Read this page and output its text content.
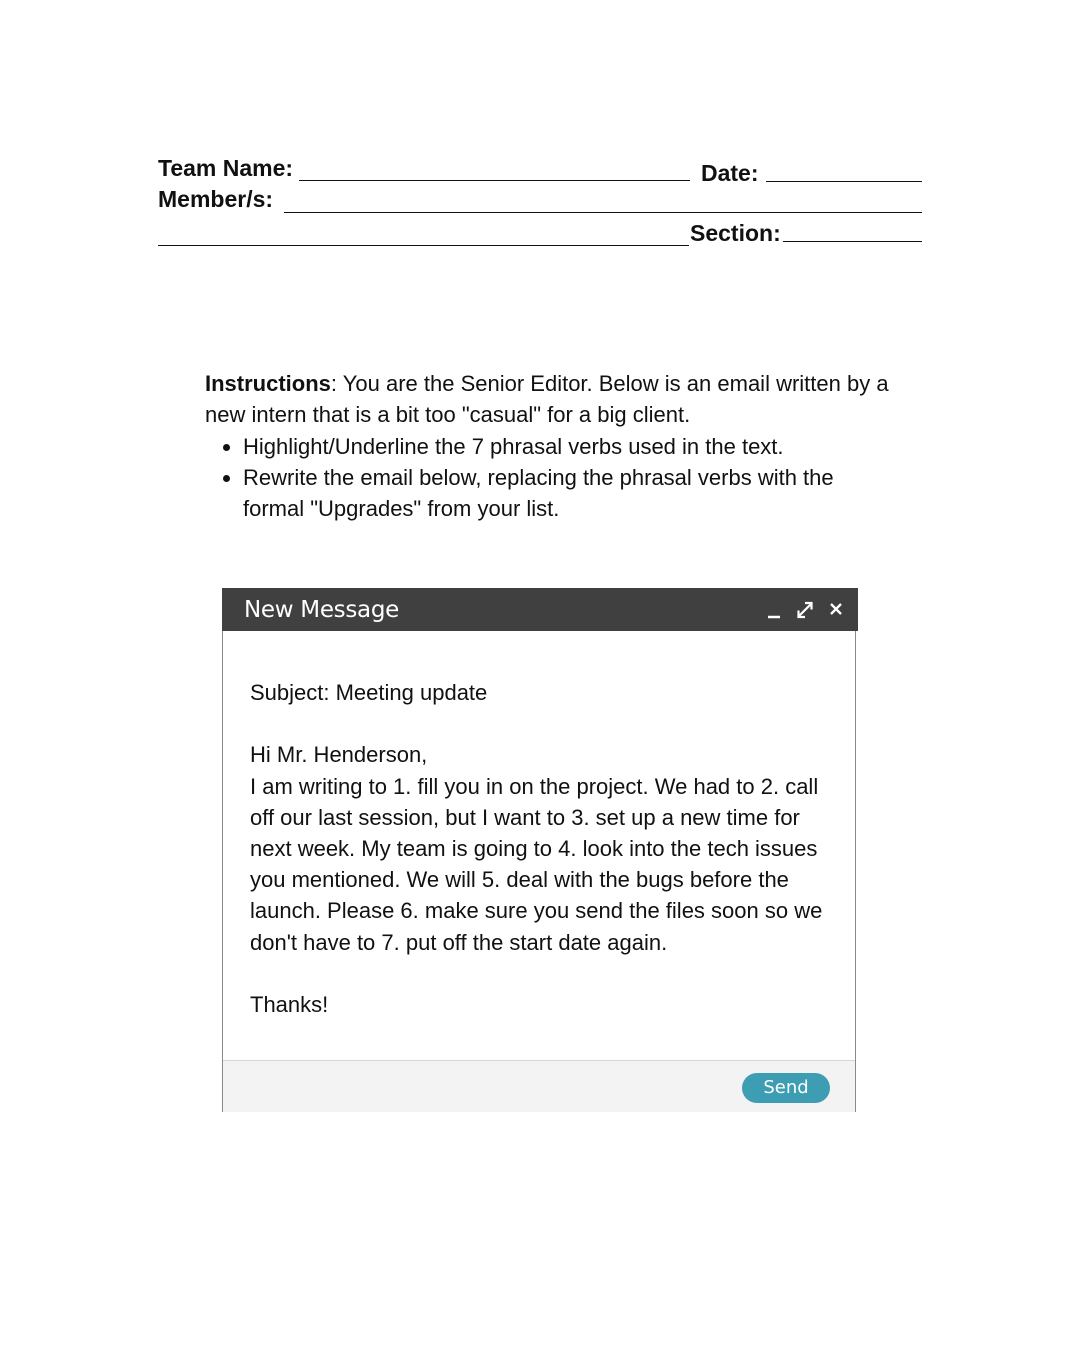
Team Name:	Date:
Member/s:
Section:

Instructions: You are the Senior Editor. Below is an email written by a new intern that is a bit too "casual" for a big client.

• Highlight/Underline the 7 phrasal verbs used in the text.
• Rewrite the email below, replacing the phrasal verbs with the formal "Upgrades" from your list.
New Message

Subject: Meeting update

Hi Mr. Henderson,

I am writing to 1. fill you in on the project. We had to 2. call off our last session, but I want to 3. set up a new time for next week. My team is going to 4. look into the tech issues you mentioned. We will 5. deal with the bugs before the launch. Please 6. make sure you send the files soon so we don't have to 7. put off the start date again.

Thanks!

Send
